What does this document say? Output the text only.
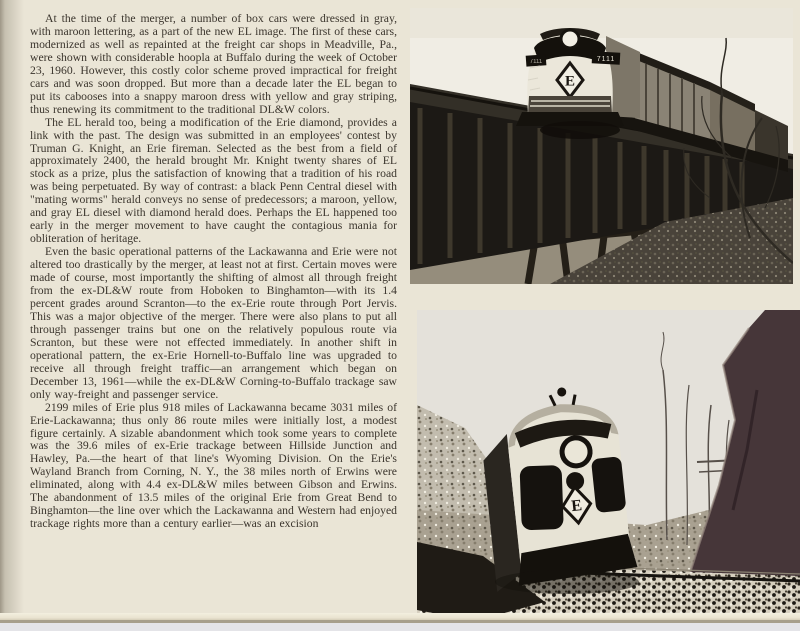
At the time of the merger, a number of box cars were dressed in gray, with maroon lettering, as a part of the new EL image. The first of these cars, modernized as well as repainted at the freight car shops in Meadville, Pa., were shown with considerable hoopla at Buffalo during the week of October 23, 1960. However, this costly color scheme proved impractical for freight cars and was soon dropped. But more than a decade later the EL began to put its cabooses into a snappy maroon dress with yellow and gray striping, thus renewing its commitment to the traditional DL&W colors.

The EL herald too, being a modification of the Erie diamond, provides a link with the past. The design was submitted in an employees' contest by Truman G. Knight, an Erie fireman. Selected as the best from a field of approximately 2400, the herald brought Mr. Knight twenty shares of EL stock as a prize, plus the satisfaction of knowing that a tradition of his road was being perpetuated. By way of contrast: a black Penn Central diesel with "mating worms" herald conveys no sense of predecessors; a maroon, yellow, and gray EL diesel with diamond herald does. Perhaps the EL happened too early in the merger movement to have caught the contagious mania for obliteration of heritage.

Even the basic operational patterns of the Lackawanna and Erie were not altered too drastically by the merger, at least not at first. Certain moves were made of course, most importantly the shifting of almost all through freight from the ex-DL&W route from Hoboken to Binghamton—with its 1.4 percent grades around Scranton—to the ex-Erie route through Port Jervis. This was a major objective of the merger. There were also plans to put all through passenger trains but one on the relatively populous route via Scranton, but these were not effected immediately. In another shift in operational pattern, the ex-Erie Hornell-to-Buffalo line was upgraded to receive all through freight traffic—an arrangement which began on December 13, 1961—while the ex-DL&W Corning-to-Buffalo trackage saw only way-freight and passenger service.

2199 miles of Erie plus 918 miles of Lackawanna became 3031 miles of Erie-Lackawanna; thus only 86 route miles were initially lost, a modest figure certainly. A sizable abandonment which took some years to complete was the 39.6 miles of ex-Erie trackage between Hillside Junction and Hawley, Pa.—the heart of that line's Wyoming Division. On the Erie's Wayland Branch from Corning, N. Y., the 38 miles north of Erwins were eliminated, along with 4.4 ex-DL&W miles between Gibson and Erwins. The abandonment of 13.5 miles of the original Erie from Great Bend to Binghamton—the line over which the Lackawanna and Western had enjoyed trackage rights more than a century earlier—was an excision

7111	7111
E
E
